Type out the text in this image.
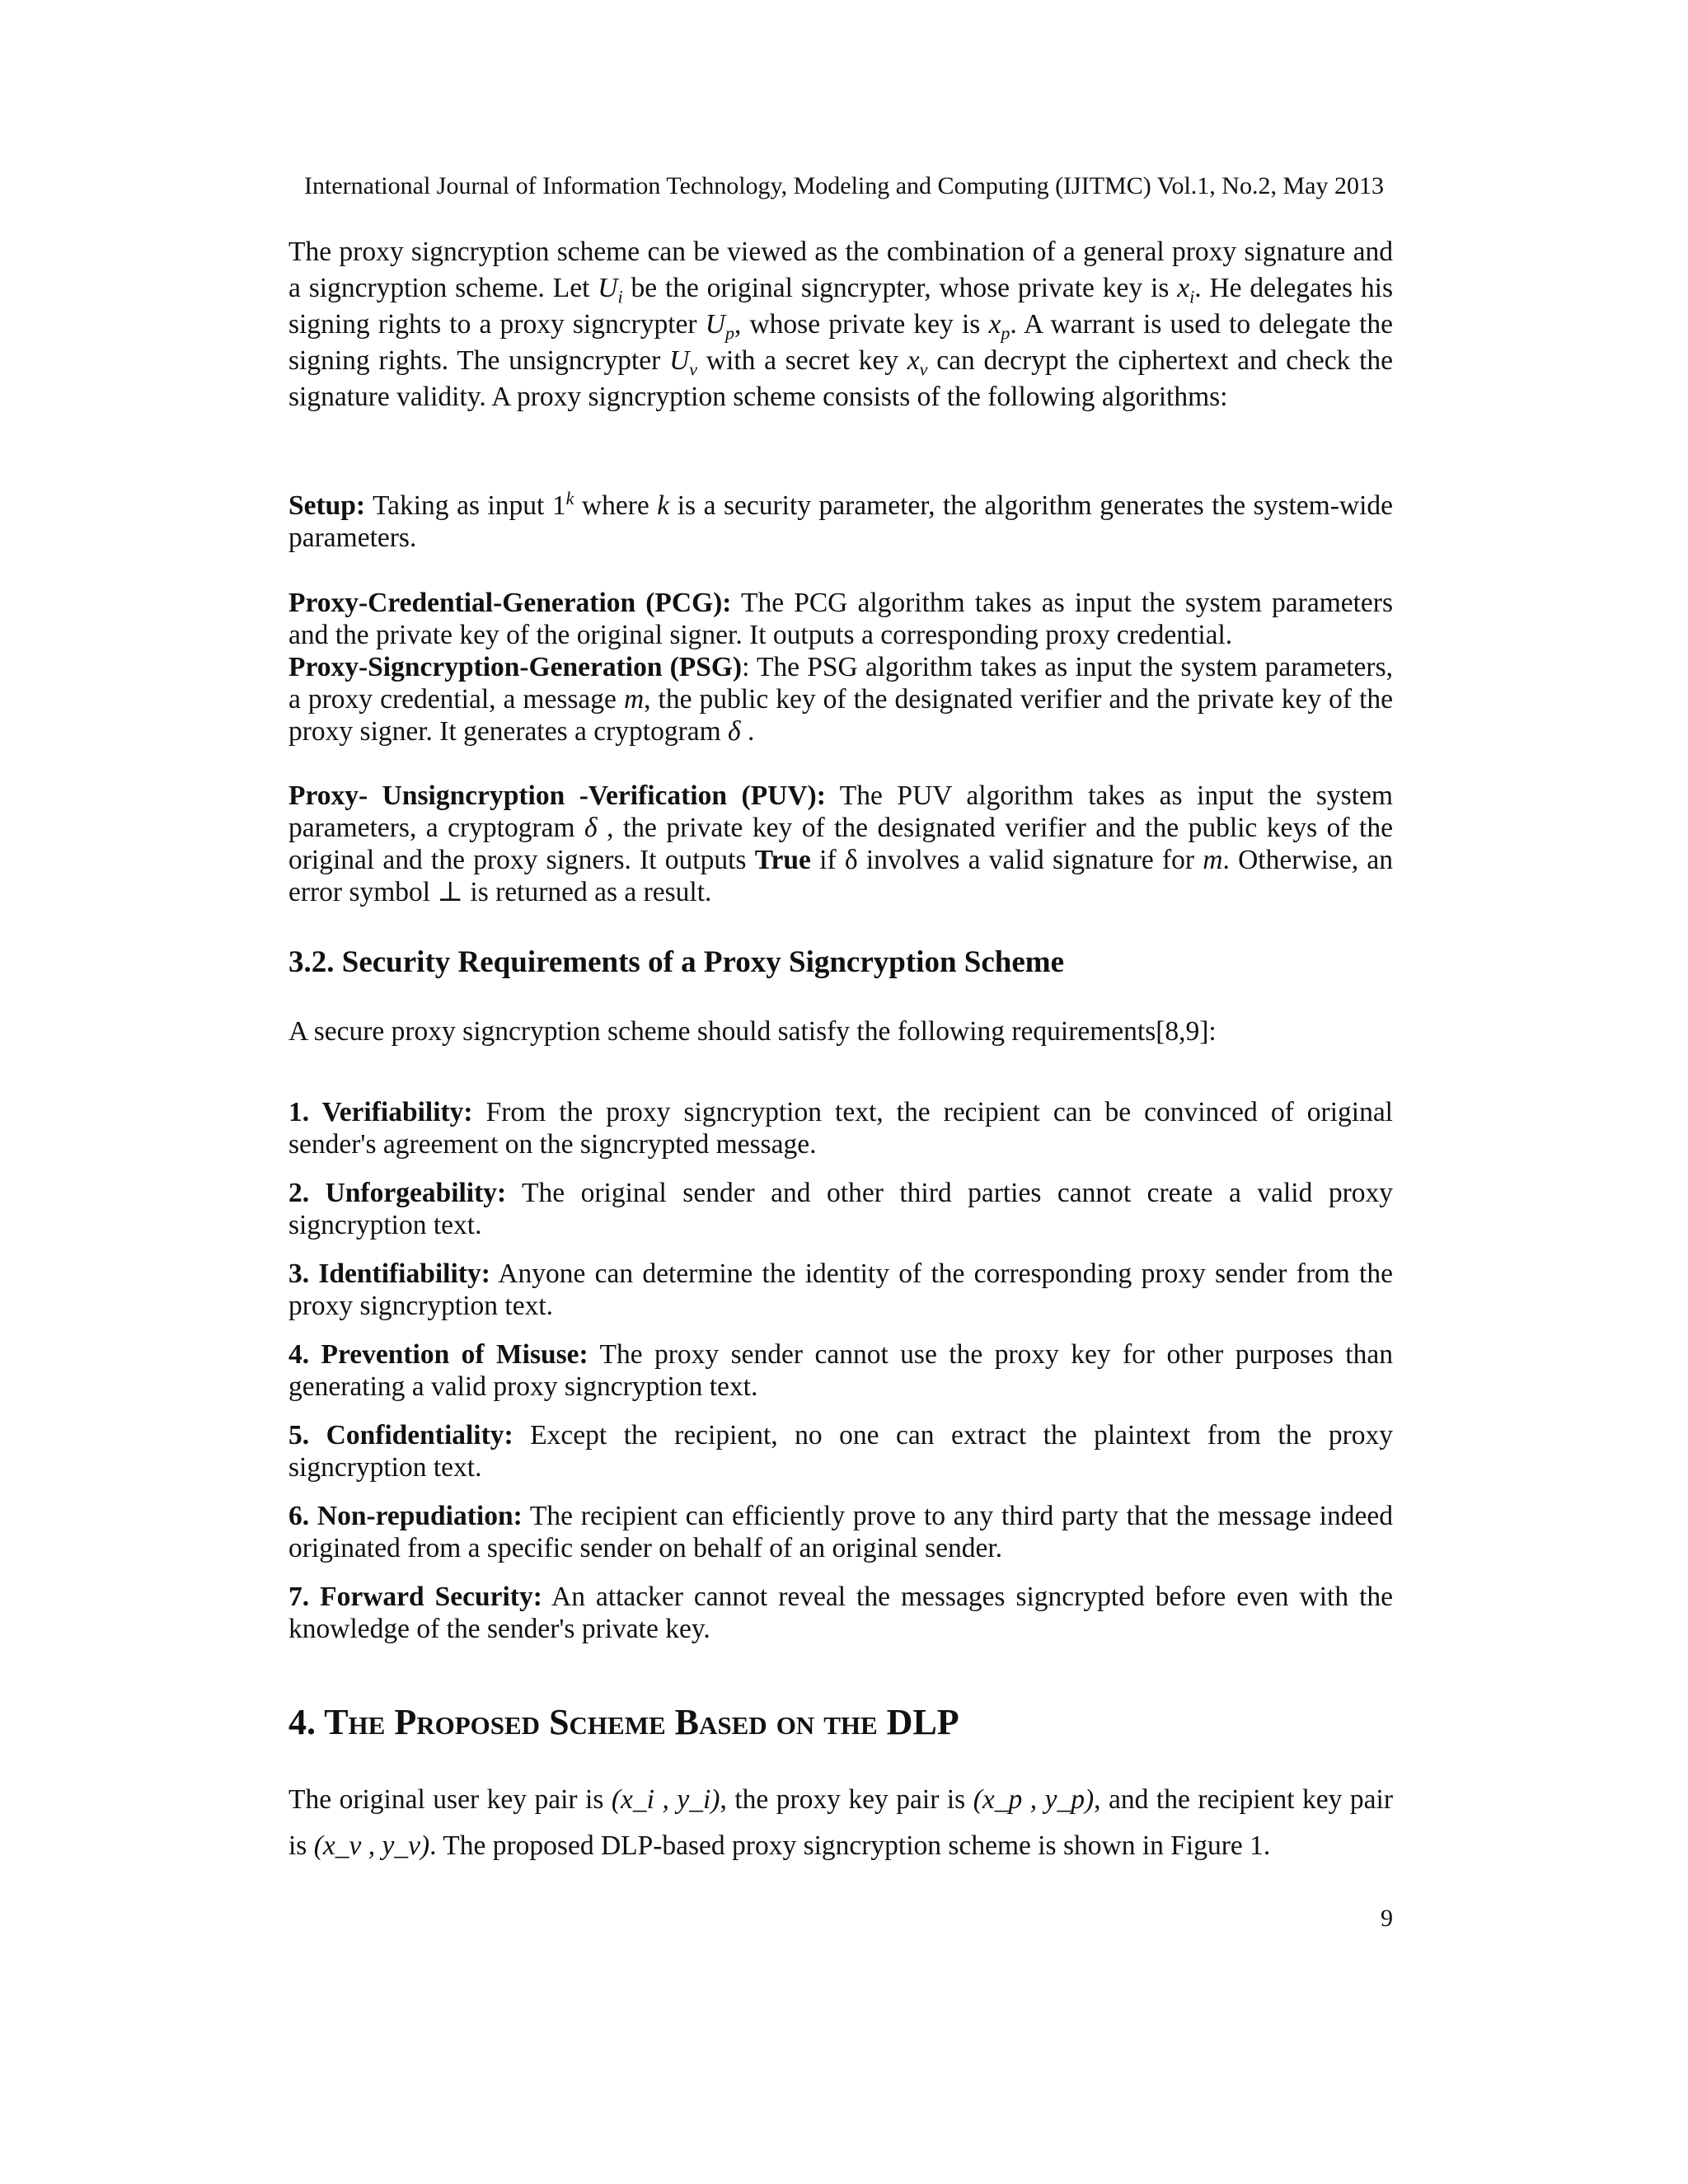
International Journal of Information Technology, Modeling and Computing (IJITMC) Vol.1, No.2, May 2013

The proxy signcryption scheme can be viewed as the combination of a general proxy signature and a signcryption scheme. Let $U_i$ be the original signcrypter, whose private key is $x_i$. He delegates his signing rights to a proxy signcrypter $U_p$, whose private key is $x_p$. A warrant is used to delegate the signing rights. The unsigncrypter $U_v$ with a secret key $x_v$ can decrypt the ciphertext and check the signature validity. A proxy signcryption scheme consists of the following algorithms:

Setup: Taking as input 1$^k$ where k is a security parameter, the algorithm generates the system-wide parameters.

Proxy-Credential-Generation (PCG): The PCG algorithm takes as input the system parameters and the private key of the original signer. It outputs a corresponding proxy credential.

Proxy-Signcryption-Generation (PSG): The PSG algorithm takes as input the system parameters, a proxy credential, a message m, the public key of the designated verifier and the private key of the proxy signer. It generates a cryptogram δ .

Proxy- Unsigncryption -Verification (PUV): The PUV algorithm takes as input the system parameters, a cryptogram δ , the private key of the designated verifier and the public keys of the original and the proxy signers. It outputs True if δ involves a valid signature for m. Otherwise, an error symbol ⊥ is returned as a result.

3.2. Security Requirements of a Proxy Signcryption Scheme

A secure proxy signcryption scheme should satisfy the following requirements[8,9]:

1. Verifiability: From the proxy signcryption text, the recipient can be convinced of original sender's agreement on the signcrypted message.

2. Unforgeability: The original sender and other third parties cannot create a valid proxy signcryption text.

3. Identifiability: Anyone can determine the identity of the corresponding proxy sender from the proxy signcryption text.

4. Prevention of Misuse: The proxy sender cannot use the proxy key for other purposes than generating a valid proxy signcryption text.

5. Confidentiality: Except the recipient, no one can extract the plaintext from the proxy signcryption text.

6. Non-repudiation: The recipient can efficiently prove to any third party that the message indeed originated from a specific sender on behalf of an original sender.

7. Forward Security: An attacker cannot reveal the messages signcrypted before even with the knowledge of the sender's private key.

4. The Proposed Scheme Based on the DLP

The original user key pair is (x_i , y_i), the proxy key pair is (x_p , y_p), and the recipient key pair is (x_v , y_v). The proposed DLP-based proxy signcryption scheme is shown in Figure 1.

9
